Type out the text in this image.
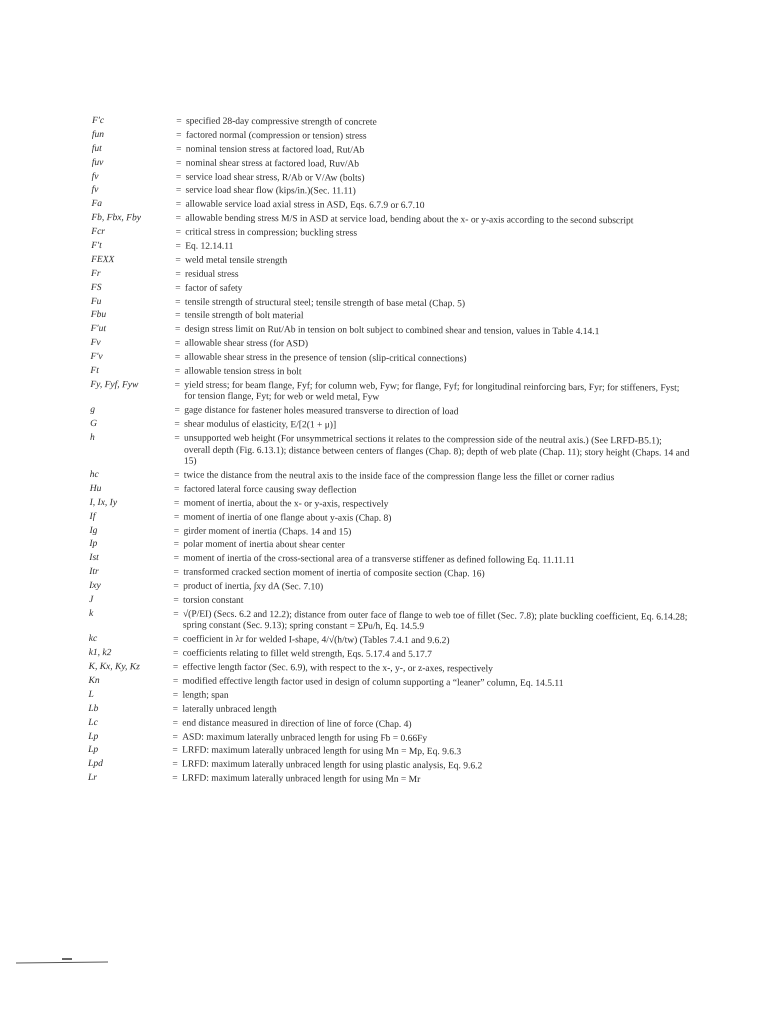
F′c	= specified 28-day compressive strength of concrete
fun	= factored normal (compression or tension) stress
fut	= nominal tension stress at factored load, Rut/Ab
fuv	= nominal shear stress at factored load, Ruv/Ab
fv	= service load shear stress, R/Ab or V/Aw (bolts)
fv	= service load shear flow (kips/in.)(Sec. 11.11)
Fa	= allowable service load axial stress in ASD, Eqs. 6.7.9 or 6.7.10
Fb, Fbx, Fby	= allowable bending stress M/S in ASD at service load, bending about the x- or y-axis according to the second subscript
Fcr	= critical stress in compression; buckling stress
F′t	= Eq. 12.14.11
FEXX	= weld metal tensile strength
Fr	= residual stress
FS	= factor of safety
Fu	= tensile strength of structural steel; tensile strength of base metal (Chap. 5)
Fbu	= tensile strength of bolt material
F′ut	= design stress limit on Rut/Ab in tension on bolt subject to combined shear and tension, values in Table 4.14.1
Fv	= allowable shear stress (for ASD)
F′v	= allowable shear stress in the presence of tension (slip-critical connections)
Ft	= allowable tension stress in bolt
Fy, Fyf, Fyw	= yield stress; for beam flange, Fyf; for column web, Fyw; for flange, Fyf; for longitudinal reinforcing bars, Fyr; for stiffeners, Fyst; for tension flange, Fyt; for web or weld metal, Fyw
g	= gage distance for fastener holes measured transverse to direction of load
G	= shear modulus of elasticity, E/[2(1 + μ)]
h	= unsupported web height (For unsymmetrical sections it relates to the compression side of the neutral axis.) (See LRFD-B5.1); overall depth (Fig. 6.13.1); distance between centers of flanges (Chap. 8); depth of web plate (Chap. 11); story height (Chaps. 14 and 15)
hc	= twice the distance from the neutral axis to the inside face of the compression flange less the fillet or corner radius
Hu	= factored lateral force causing sway deflection
I, Ix, Iy	= moment of inertia, about the x- or y-axis, respectively
If	= moment of inertia of one flange about y-axis (Chap. 8)
Ig	= girder moment of inertia (Chaps. 14 and 15)
Ip	= polar moment of inertia about shear center
Ist	= moment of inertia of the cross-sectional area of a transverse stiffener as defined following Eq. 11.11.11
Itr	= transformed cracked section moment of inertia of composite section (Chap. 16)
Ixy	= product of inertia, ∫xy dA (Sec. 7.10)
J	= torsion constant
k	= √(P/EI) (Secs. 6.2 and 12.2); distance from outer face of flange to web toe of fillet (Sec. 7.8); plate buckling coefficient, Eq. 6.14.28; spring constant (Sec. 9.13); spring constant = ΣPu/h, Eq. 14.5.9
kc	= coefficient in λr for welded I-shape, 4/√(h/tw) (Tables 7.4.1 and 9.6.2)
k1, k2	= coefficients relating to fillet weld strength, Eqs. 5.17.4 and 5.17.7
K, Kx, Ky, Kz	= effective length factor (Sec. 6.9), with respect to the x-, y-, or z-axes, respectively
Kn	= modified effective length factor used in design of column supporting a “leaner” column, Eq. 14.5.11
L	= length; span
Lb	= laterally unbraced length
Lc	= end distance measured in direction of line of force (Chap. 4)
Lp	= ASD: maximum laterally unbraced length for using Fb = 0.66Fy
Lp	= LRFD: maximum laterally unbraced length for using Mn = Mp, Eq. 9.6.3
Lpd	= LRFD: maximum laterally unbraced length for using plastic analysis, Eq. 9.6.2
Lr	= LRFD: maximum laterally unbraced length for using Mn = Mr
